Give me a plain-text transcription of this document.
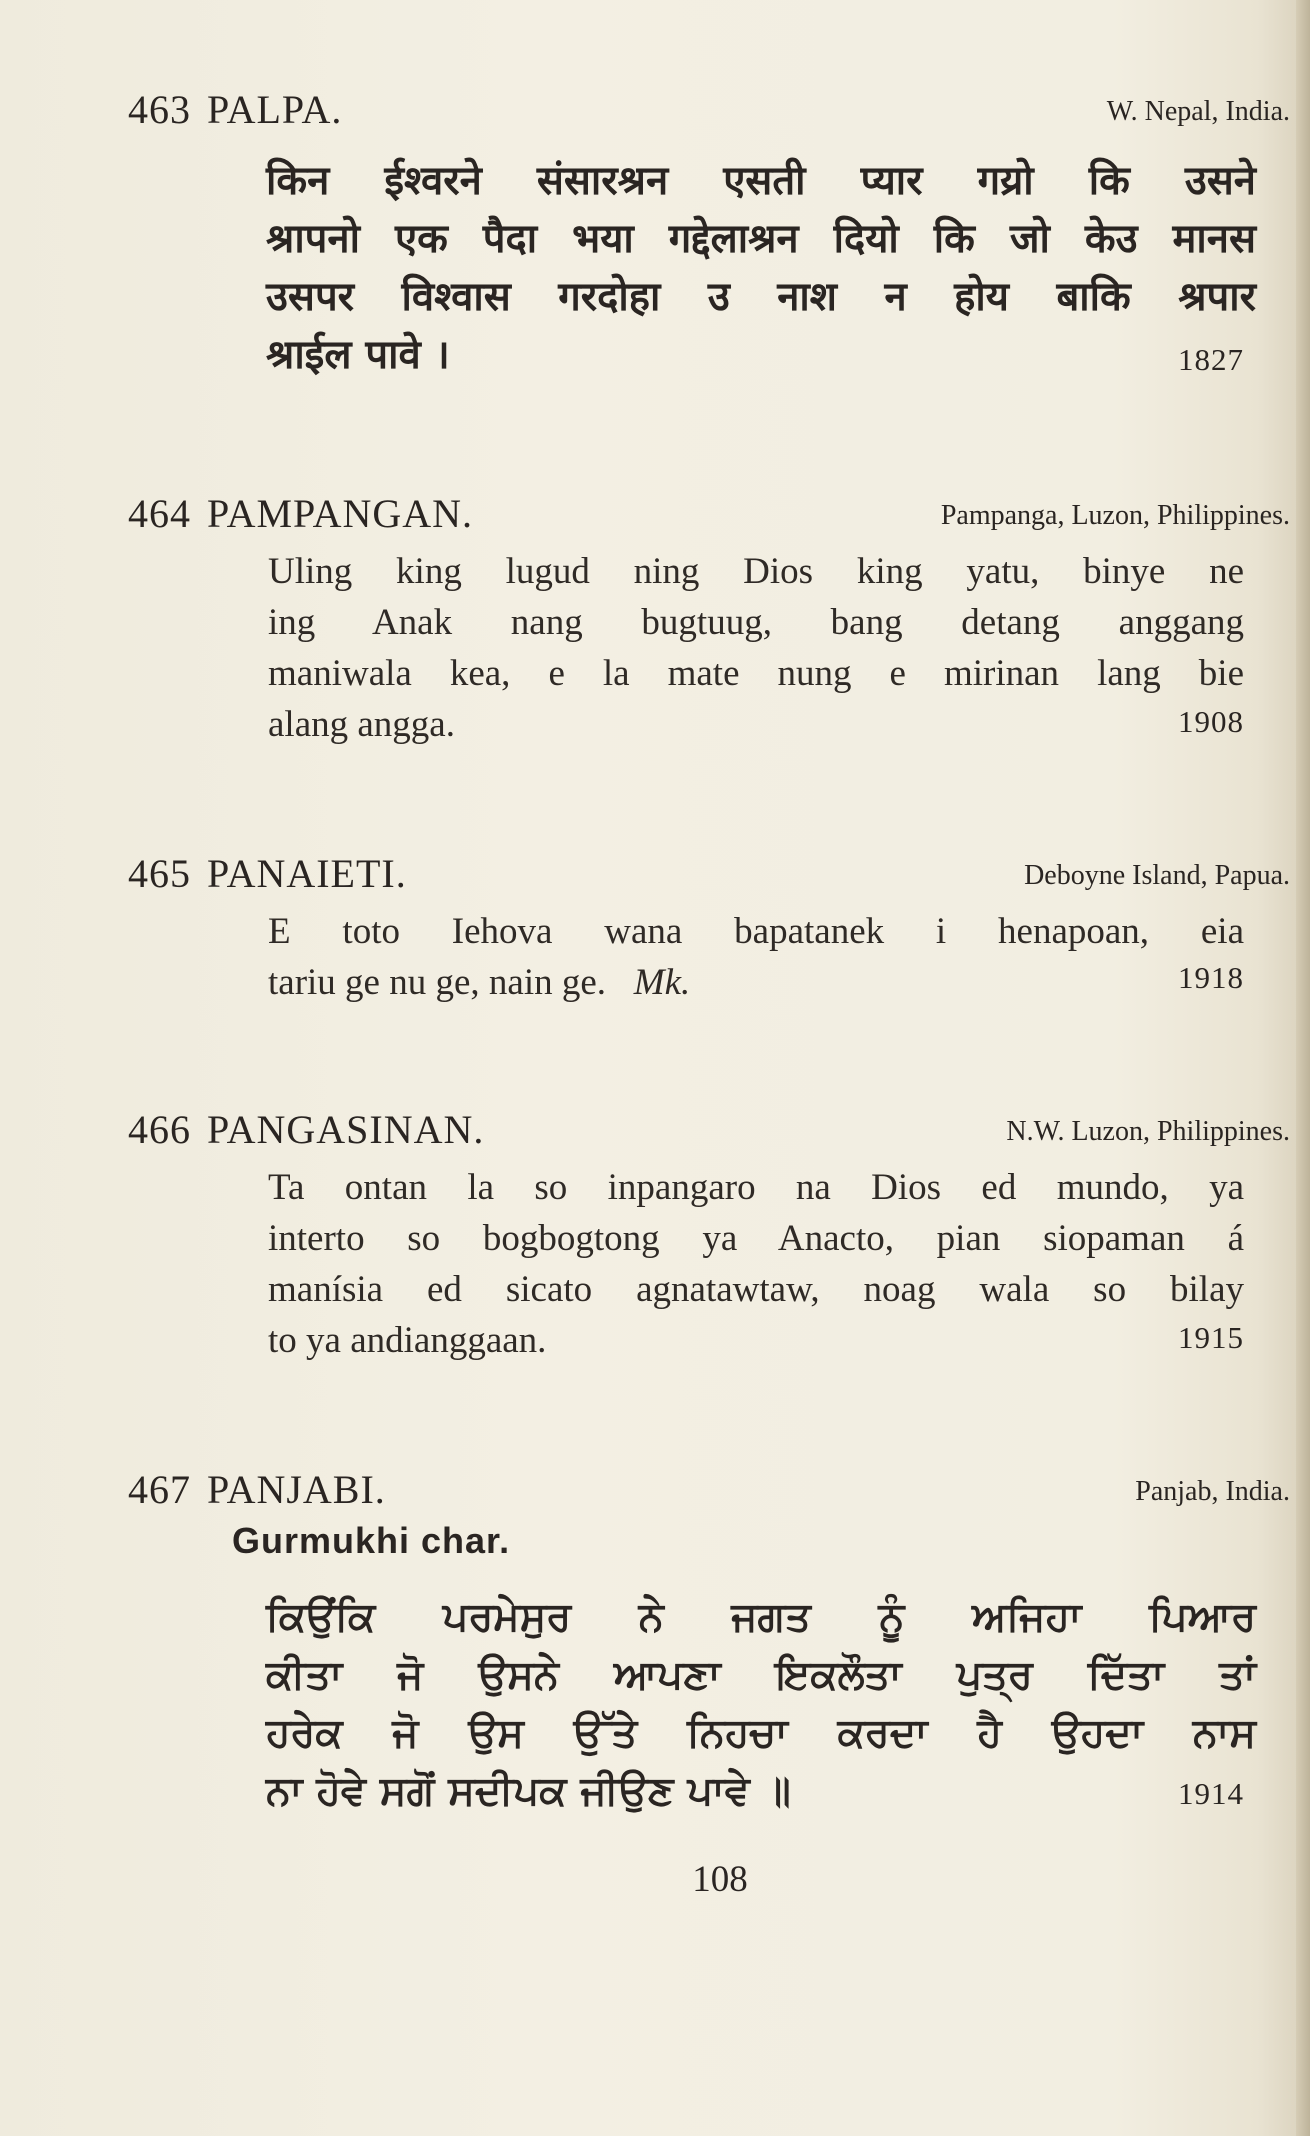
463 PALPA.	W. Nepal, India.
किन ईश्वरने संसारश्रन एसती प्यार गय्रो कि उसने
श्रापनो एक पैदा भया गद्देलाश्रन दियो कि जो केउ मानस
उसपर विश्वास गरदोहा उ नाश न होय बाकि श्रपार
श्राईल पावे ।	1827
464 PAMPANGAN.	Pampanga, Luzon, Philippines.
Uling king lugud ning Dios king yatu, binye ne
ing Anak nang bugtuug, bang detang anggang
maniwala kea, e la mate nung e mirinan lang bie
alang angga.	1908
465 PANAIETI.	Deboyne Island, Papua.
E toto Iehova wana bapatanek i henapoan, eia
tariu ge nu ge, nain ge. Mk.	1918
466 PANGASINAN.	N.W. Luzon, Philippines.
Ta ontan la so inpangaro na Dios ed mundo, ya
interto so bogbogtong ya Anacto, pian siopaman á
manísia ed sicato agnatawtaw, noag wala so bilay
to ya andianggaan.	1915
467 PANJABI.	Panjab, India.
Gurmukhi char.
ਕਿਉਂਕਿ ਪਰਮੇਸੁਰ ਨੇ ਜਗਤ ਨੂੰ ਅਜਿਹਾ ਪਿਆਰ
ਕੀਤਾ ਜੋ ਉਸਨੇ ਆਪਣਾ ਇਕਲੌਤਾ ਪੁਤ੍ਰ ਦਿੱਤਾ ਤਾਂ
ਹਰੇਕ ਜੋ ਉਸ ਉੱਤੇ ਨਿਹਚਾ ਕਰਦਾ ਹੈ ਉਹਦਾ ਨਾਸ
ਨਾ ਹੋਵੇ ਸਗੋਂ ਸਦੀਪਕ ਜੀਉਣ ਪਾਵੇ ॥	1914
108
